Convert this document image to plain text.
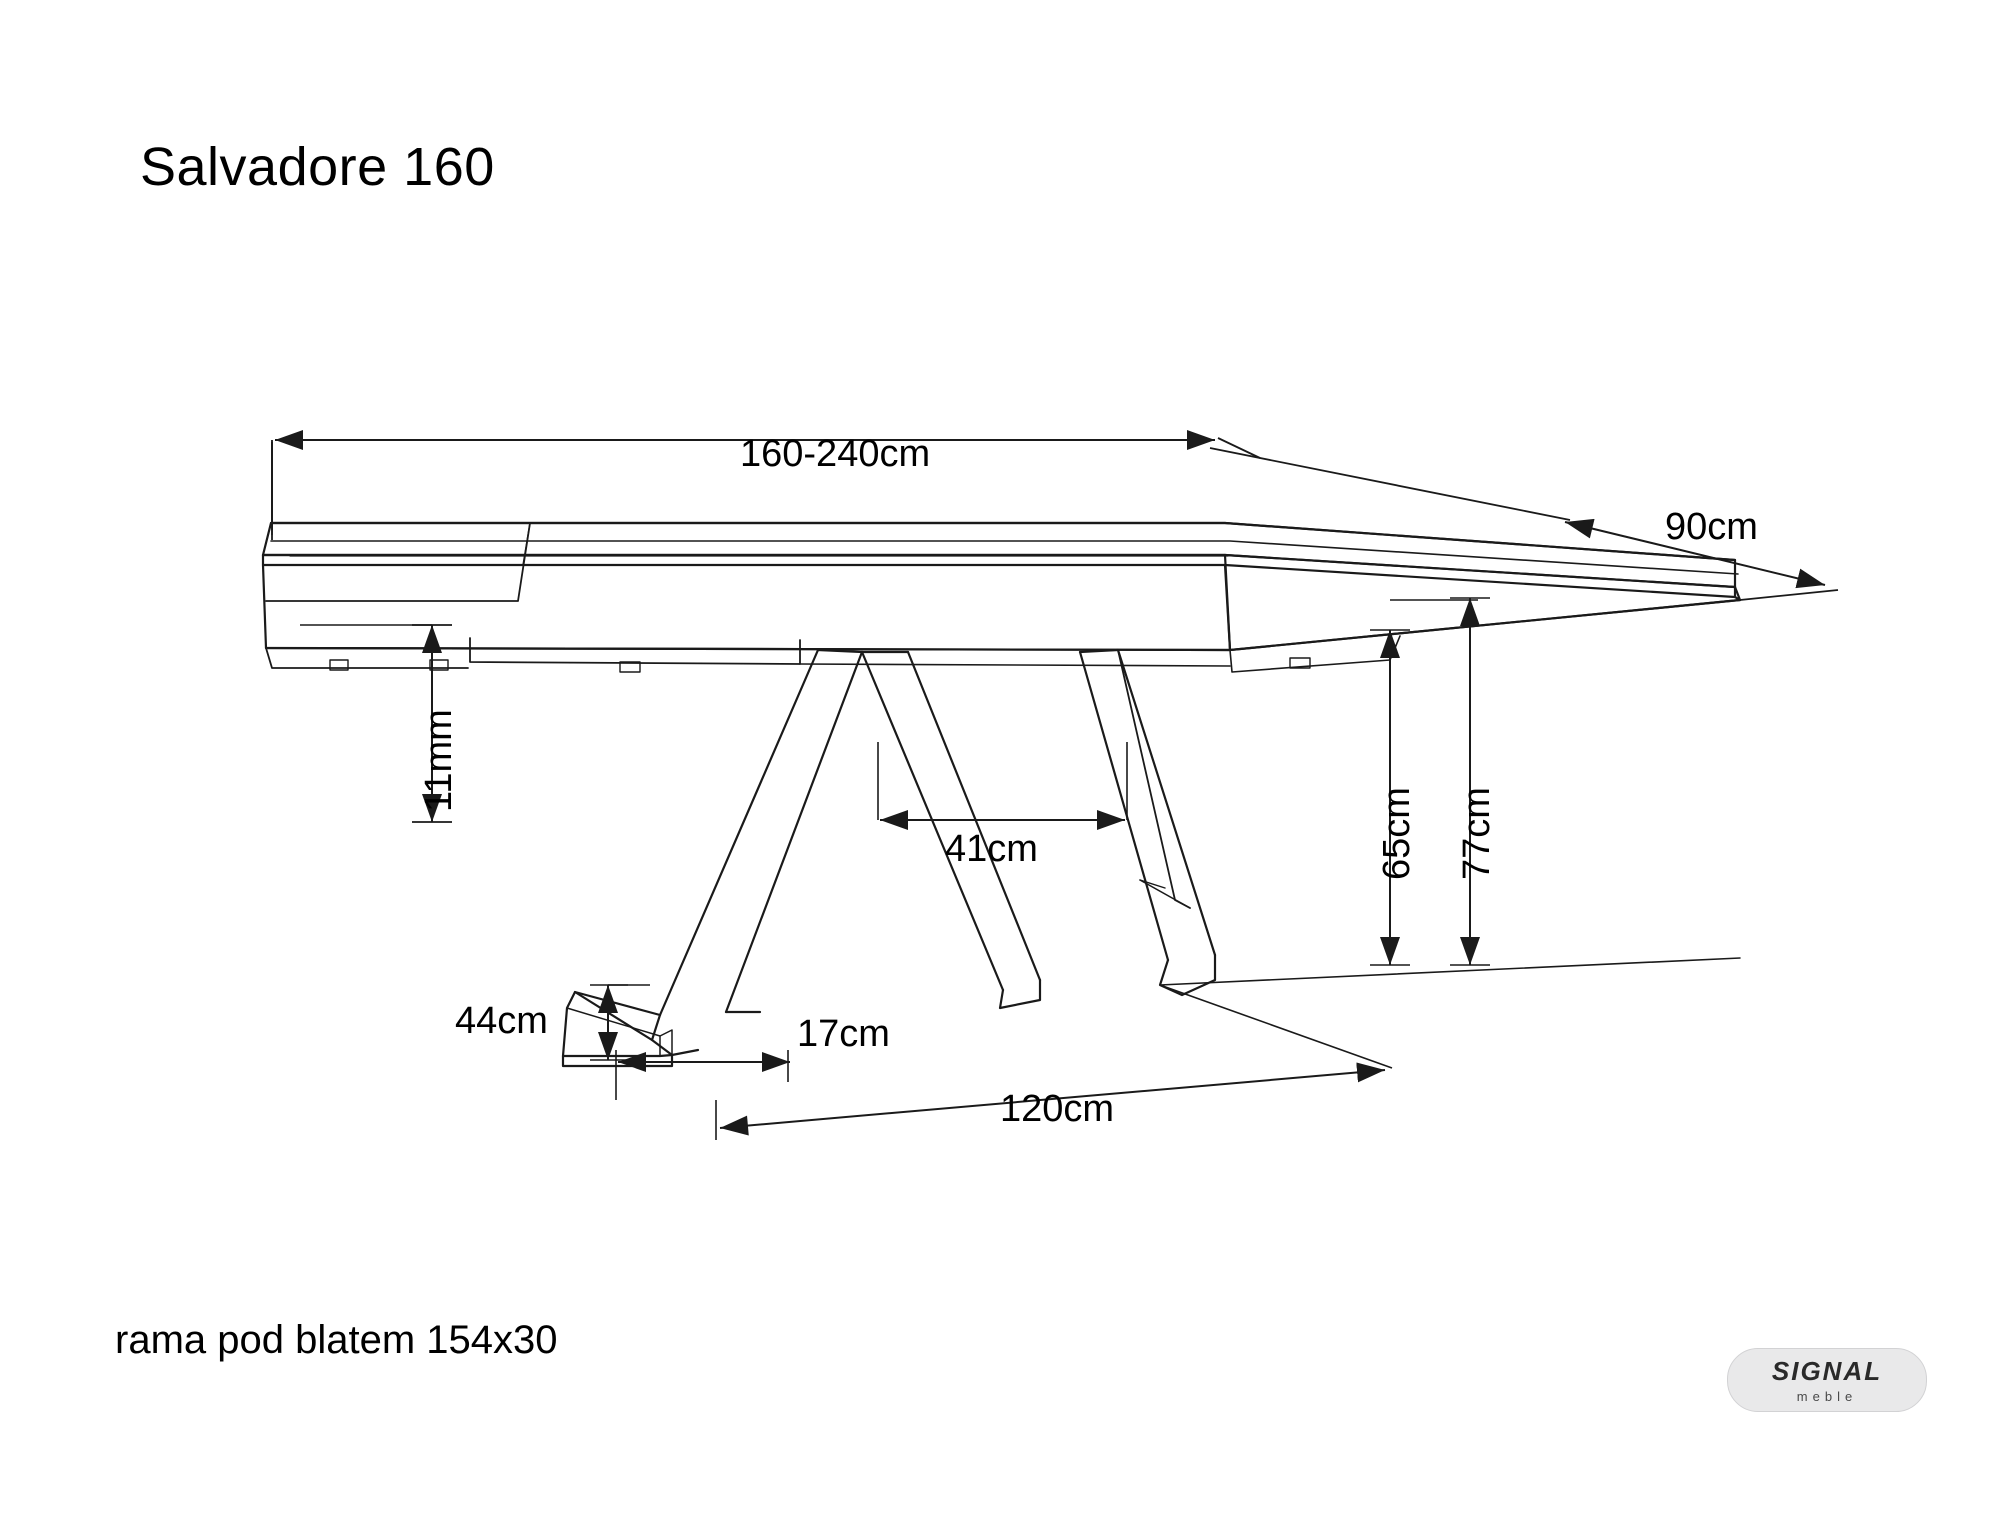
Salvadore 160
160-240cm
90cm
11mm
41cm	65cm 77cm
44cm	17cm
120cm
rama pod blatem 154x30
SIGNAL
meble
